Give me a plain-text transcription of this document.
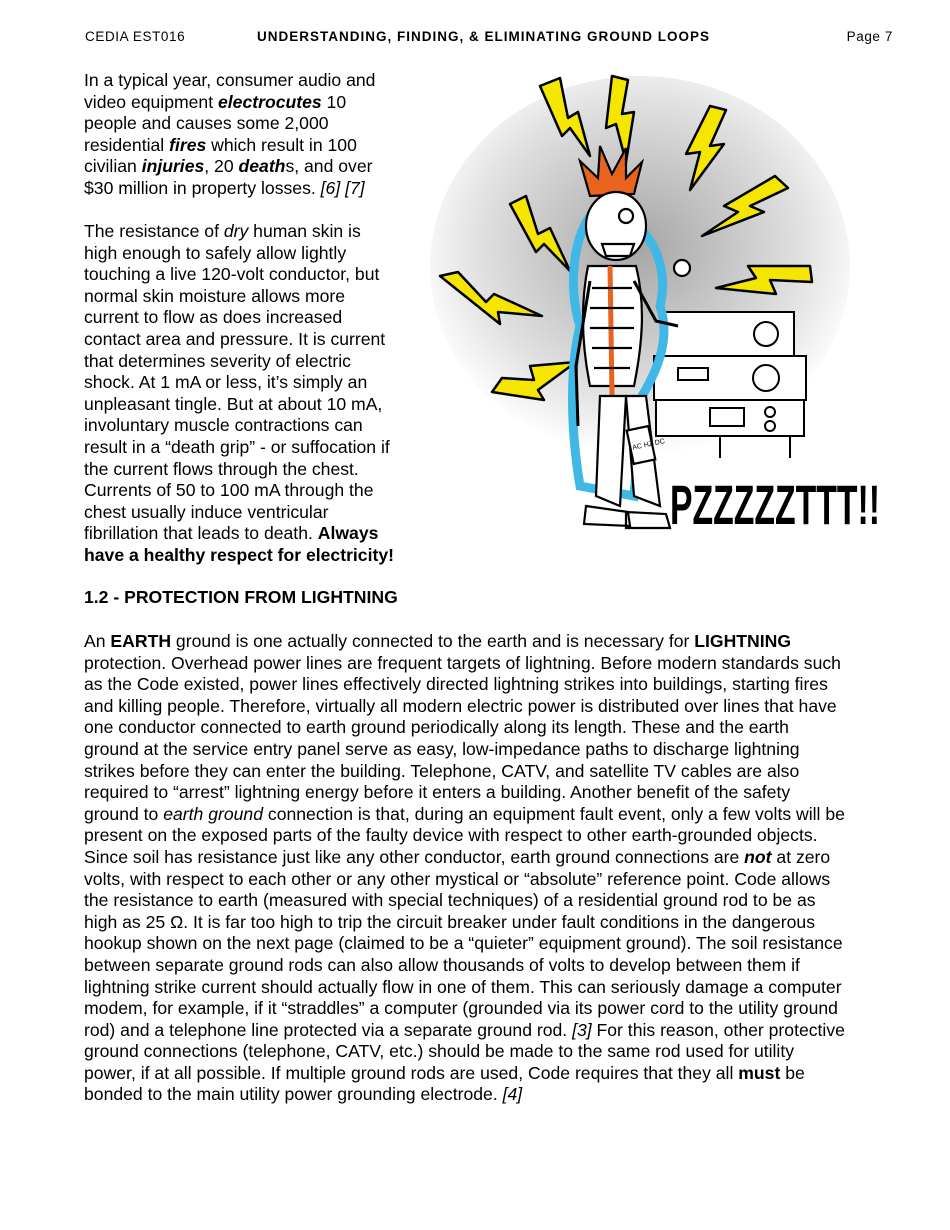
CEDIA EST016	UNDERSTANDING, FINDING, & ELIMINATING GROUND LOOPS	Page 7
In a typical year, consumer audio and
video equipment electrocutes 10
people and causes some 2,000
residential fires which result in 100
civilian injuries, 20 deaths, and over
$30 million in property losses. [6] [7]
The resistance of dry human skin is
high enough to safely allow lightly
touching a live 120-volt conductor, but
normal skin moisture allows more
current to flow as does increased
contact area and pressure. It is current
that determines severity of electric
shock. At 1 mA or less, it’s simply an
unpleasant tingle. But at about 10 mA,
involuntary muscle contractions can
result in a “death grip” - or suffocation if
the current flows through the chest.
Currents of 50 to 100 mA through the
chest usually induce ventricular
fibrillation that leads to death. Always
have a healthy respect for electricity!
1.2 - PROTECTION FROM LIGHTNING
An EARTH ground is one actually connected to the earth and is necessary for LIGHTNING
protection. Overhead power lines are frequent targets of lightning. Before modern standards such
as the Code existed, power lines effectively directed lightning strikes into buildings, starting fires
and killing people. Therefore, virtually all modern electric power is distributed over lines that have
one conductor connected to earth ground periodically along its length. These and the earth
ground at the service entry panel serve as easy, low-impedance paths to discharge lightning
strikes before they can enter the building. Telephone, CATV, and satellite TV cables are also
required to “arrest” lightning energy before it enters a building. Another benefit of the safety
ground to earth ground connection is that, during an equipment fault event, only a few volts will be
present on the exposed parts of the faulty device with respect to other earth-grounded objects.
Since soil has resistance just like any other conductor, earth ground connections are not at zero
volts, with respect to each other or any other mystical or “absolute” reference point. Code allows
the resistance to earth (measured with special techniques) of a residential ground rod to be as
high as 25 Ω. It is far too high to trip the circuit breaker under fault conditions in the dangerous
hookup shown on the next page (claimed to be a “quieter” equipment ground). The soil resistance
between separate ground rods can also allow thousands of volts to develop between them if
lightning strike current should actually flow in one of them. This can seriously damage a computer
modem, for example, if it “straddles” a computer (grounded via its power cord to the utility ground
rod) and a telephone line protected via a separate ground rod. [3] For this reason, other protective
ground connections (telephone, CATV, etc.) should be made to the same rod used for utility
power, if at all possible. If multiple ground rods are used, Code requires that they all must be
bonded to the main utility power grounding electrode. [4]
AC HZ DC
PZZZZZTTT!!
